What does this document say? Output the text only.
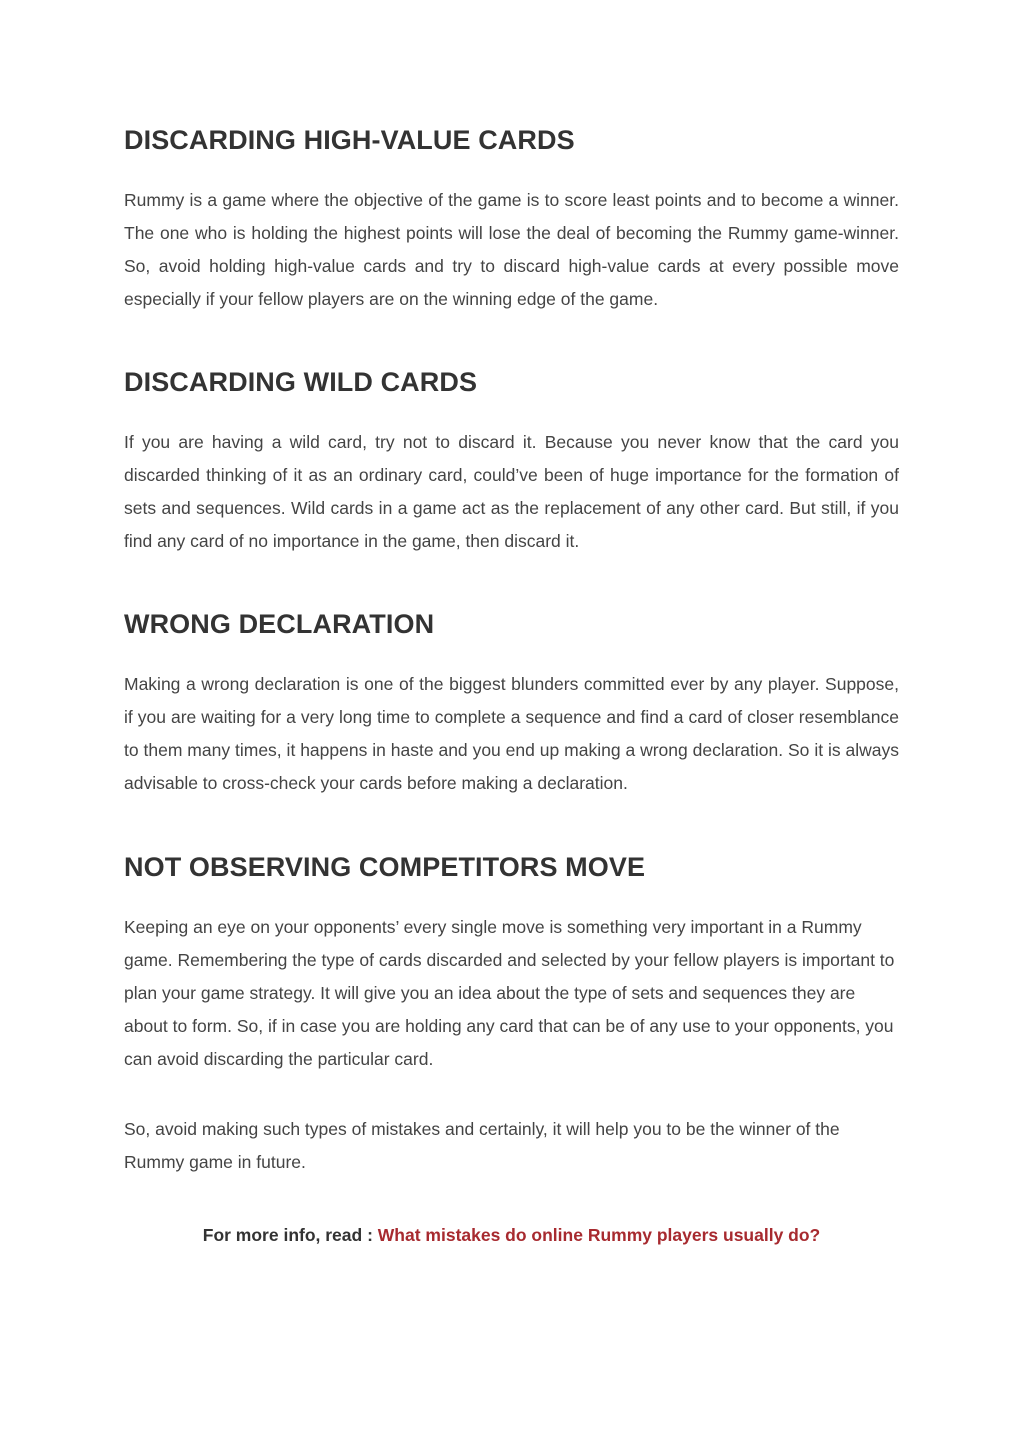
DISCARDING HIGH-VALUE CARDS

Rummy is a game where the objective of the game is to score least points and to become a winner. The one who is holding the highest points will lose the deal of becoming the Rummy game-winner. So, avoid holding high-value cards and try to discard high-value cards at every possible move especially if your fellow players are on the winning edge of the game.

DISCARDING WILD CARDS

If you are having a wild card, try not to discard it. Because you never know that the card you discarded thinking of it as an ordinary card, could’ve been of huge importance for the formation of sets and sequences. Wild cards in a game act as the replacement of any other card. But still, if you find any card of no importance in the game, then discard it.

WRONG DECLARATION

Making a wrong declaration is one of the biggest blunders committed ever by any player. Suppose, if you are waiting for a very long time to complete a sequence and find a card of closer resemblance to them many times, it happens in haste and you end up making a wrong declaration. So it is always advisable to cross-check your cards before making a declaration.

NOT OBSERVING COMPETITORS MOVE

Keeping an eye on your opponents’ every single move is something very important in a Rummy game. Remembering the type of cards discarded and selected by your fellow players is important to plan your game strategy. It will give you an idea about the type of sets and sequences they are about to form. So, if in case you are holding any card that can be of any use to your opponents, you can avoid discarding the particular card.

So, avoid making such types of mistakes and certainly, it will help you to be the winner of the Rummy game in future.

For more info, read : What mistakes do online Rummy players usually do?
